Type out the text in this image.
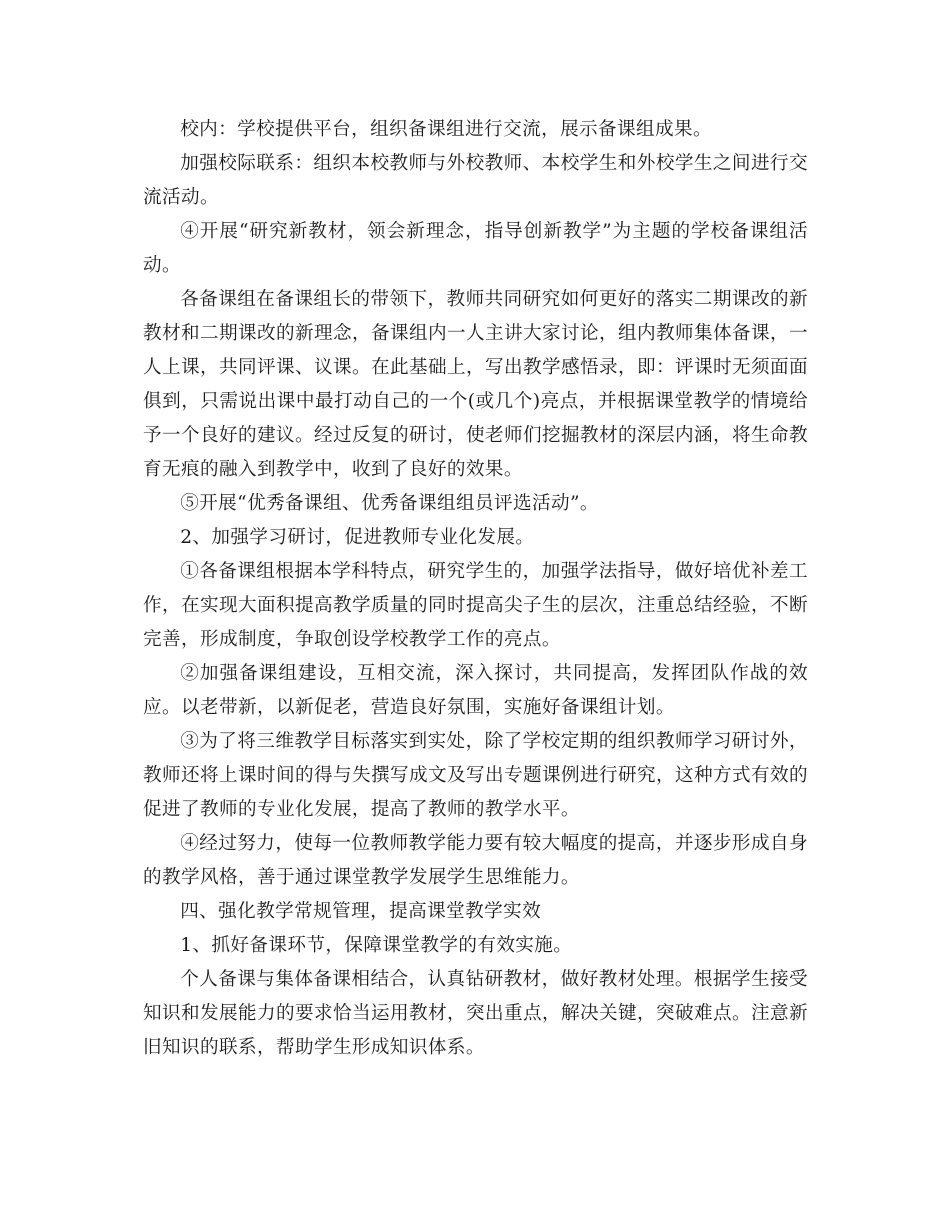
校内：学校提供平台，组织备课组进行交流，展示备课组成果。

加强校际联系：组织本校教师与外校教师、本校学生和外校学生之间进行交流活动。

④开展“研究新教材，领会新理念，指导创新教学”为主题的学校备课组活动。

各备课组在备课组长的带领下，教师共同研究如何更好的落实二期课改的新教材和二期课改的新理念，备课组内一人主讲大家讨论，组内教师集体备课，一人上课，共同评课、议课。在此基础上，写出教学感悟录，即：评课时无须面面俱到，只需说出课中最打动自己的一个(或几个)亮点，并根据课堂教学的情境给予一个良好的建议。经过反复的研讨，使老师们挖掘教材的深层内涵，将生命教育无痕的融入到教学中，收到了良好的效果。

⑤开展“优秀备课组、优秀备课组组员评选活动”。

2、加强学习研讨，促进教师专业化发展。

①各备课组根据本学科特点，研究学生的，加强学法指导，做好培优补差工作，在实现大面积提高教学质量的同时提高尖子生的层次，注重总结经验，不断完善，形成制度，争取创设学校教学工作的亮点。

②加强备课组建设，互相交流，深入探讨，共同提高，发挥团队作战的效应。以老带新，以新促老，营造良好氛围，实施好备课组计划。

③为了将三维教学目标落实到实处，除了学校定期的组织教师学习研讨外，教师还将上课时间的得与失撰写成文及写出专题课例进行研究，这种方式有效的促进了教师的专业化发展，提高了教师的教学水平。

④经过努力，使每一位教师教学能力要有较大幅度的提高，并逐步形成自身的教学风格，善于通过课堂教学发展学生思维能力。

四、强化教学常规管理，提高课堂教学实效

1、抓好备课环节，保障课堂教学的有效实施。

个人备课与集体备课相结合，认真钻研教材，做好教材处理。根据学生接受知识和发展能力的要求恰当运用教材，突出重点，解决关键，突破难点。注意新旧知识的联系，帮助学生形成知识体系。
